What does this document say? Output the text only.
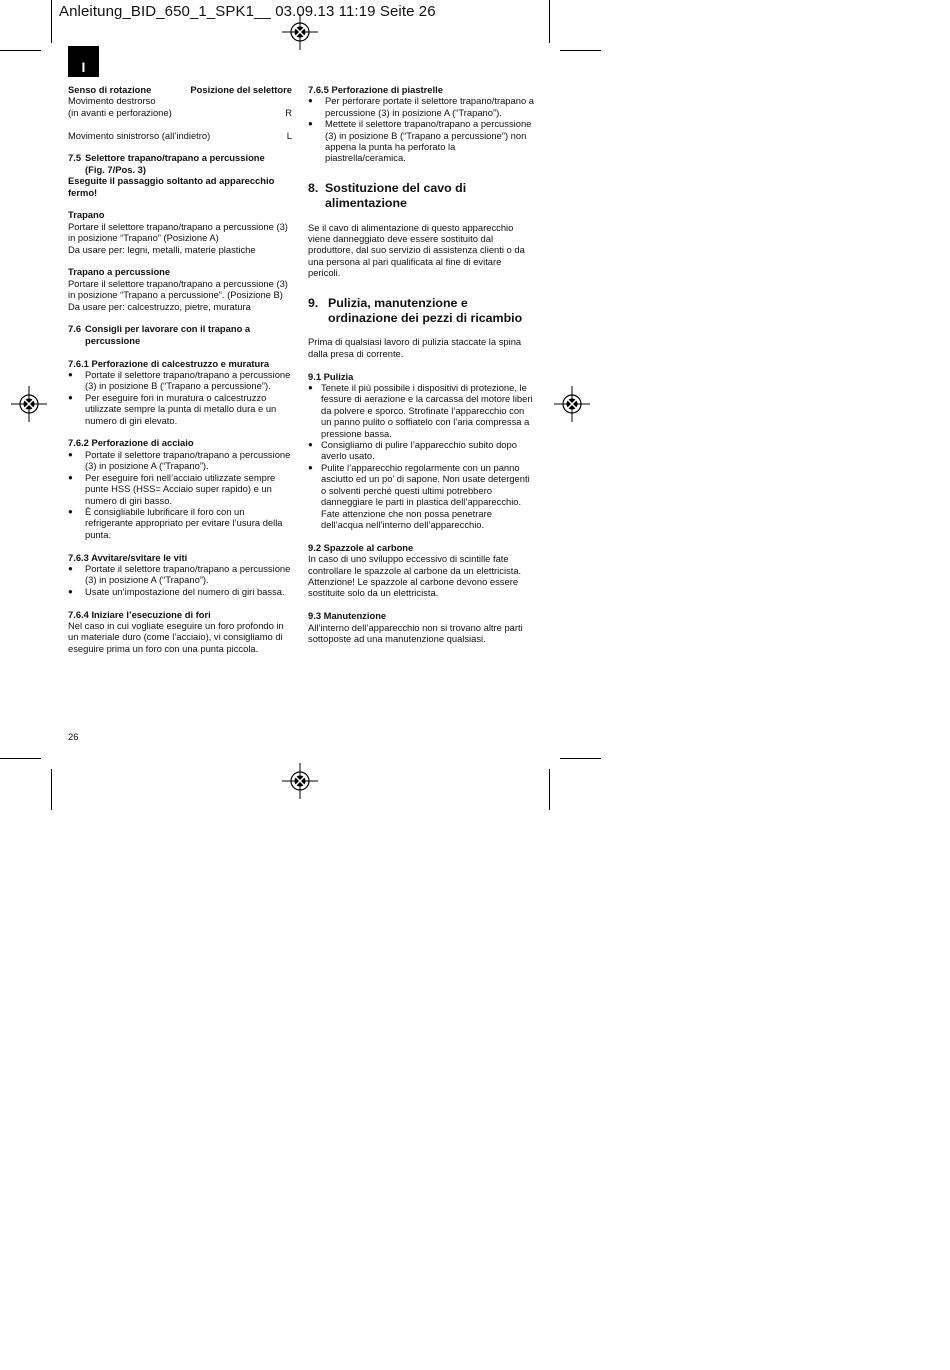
Anleitung_BID_650_1_SPK1__ 03.09.13 11:19 Seite 26
I
Senso di rotazione	Posizione del selettore
Movimento destrorso
(in avanti e perforazione)	R
Movimento sinistrorso (all’indietro)	L
7.5 Selettore trapano/trapano a percussione
(Fig. 7/Pos. 3)
Eseguite il passaggio soltanto ad apparecchio fermo!
Trapano
Portare il selettore trapano/trapano a percussione (3) in posizione “Trapano” (Posizione A)
Da usare per: legni, metalli, materie plastiche
Trapano a percussione
Portare il selettore trapano/trapano a percussione (3) in posizione “Trapano a percussione”. (Posizione B)
Da usare per: calcestruzzo, pietre, muratura
7.6 Consigli per lavorare con il trapano a percussione
7.6.1 Perforazione di calcestruzzo e muratura
●	Portate il selettore trapano/trapano a percussione (3) in posizione B (“Trapano a percussione”).
●	Per eseguire fori in muratura o calcestruzzo utilizzate sempre la punta di metallo dura e un numero di giri elevato.
7.6.2 Perforazione di acciaio
●	Portate il selettore trapano/trapano a percussione (3) in posizione A (“Trapano”).
●	Per eseguire fori nell’acciaio utilizzate sempre punte HSS (HSS= Acciaio super rapido) e un numero di giri basso.
●	È consigliabile lubrificare il foro con un refrigerante appropriato per evitare l’usura della punta.
7.6.3 Avvitare/svitare le viti
●	Portate il selettore trapano/trapano a percussione (3) in posizione A (“Trapano”).
●	Usate un’impostazione del numero di giri bassa.
7.6.4 Iniziare l’esecuzione di fori
Nel caso in cui vogliate eseguire un foro profondo in un materiale duro (come l’acciaio), vi consigliamo di eseguire prima un foro con una punta piccola.
7.6.5 Perforazione di piastrelle
●	Per perforare portate il selettore trapano/trapano a percussione (3) in posizione A (“Trapano”).
●	Mettete il selettore trapano/trapano a percussione (3) in posizione B (“Trapano a percussione”) non appena la punta ha perforato la piastrella/ceramica.
8. Sostituzione del cavo di alimentazione
Se il cavo di alimentazione di questo apparecchio viene danneggiato deve essere sostituito dal produttore, dal suo servizio di assistenza clienti o da una persona al pari qualificata al fine di evitare pericoli.
9. Pulizia, manutenzione e ordinazione dei pezzi di ricambio
Prima di qualsiasi lavoro di pulizia staccate la spina dalla presa di corrente.
9.1 Pulizia
● Tenete il più possibile i dispositivi di protezione, le fessure di aerazione e la carcassa del motore liberi da polvere e sporco. Strofinate l’apparecchio con un panno pulito o soffiatelo con l’aria compressa a pressione bassa.
● Consigliamo di pulire l’apparecchio subito dopo averlo usato.
● Pulite l’apparecchio regolarmente con un panno asciutto ed un po’ di sapone. Non usate detergenti o solventi perché questi ultimi potrebbero danneggiare le parti in plastica dell’apparecchio. Fate attenzione che non possa penetrare dell’acqua nell’interno dell’apparecchio.
9.2 Spazzole al carbone
In caso di uno sviluppo eccessivo di scintille fate controllare le spazzole al carbone da un elettricista. Attenzione! Le spazzole al carbone devono essere sostituite solo da un elettricista.
9.3 Manutenzione
All’interno dell’apparecchio non si trovano altre parti sottoposte ad una manutenzione qualsiasi.
26
